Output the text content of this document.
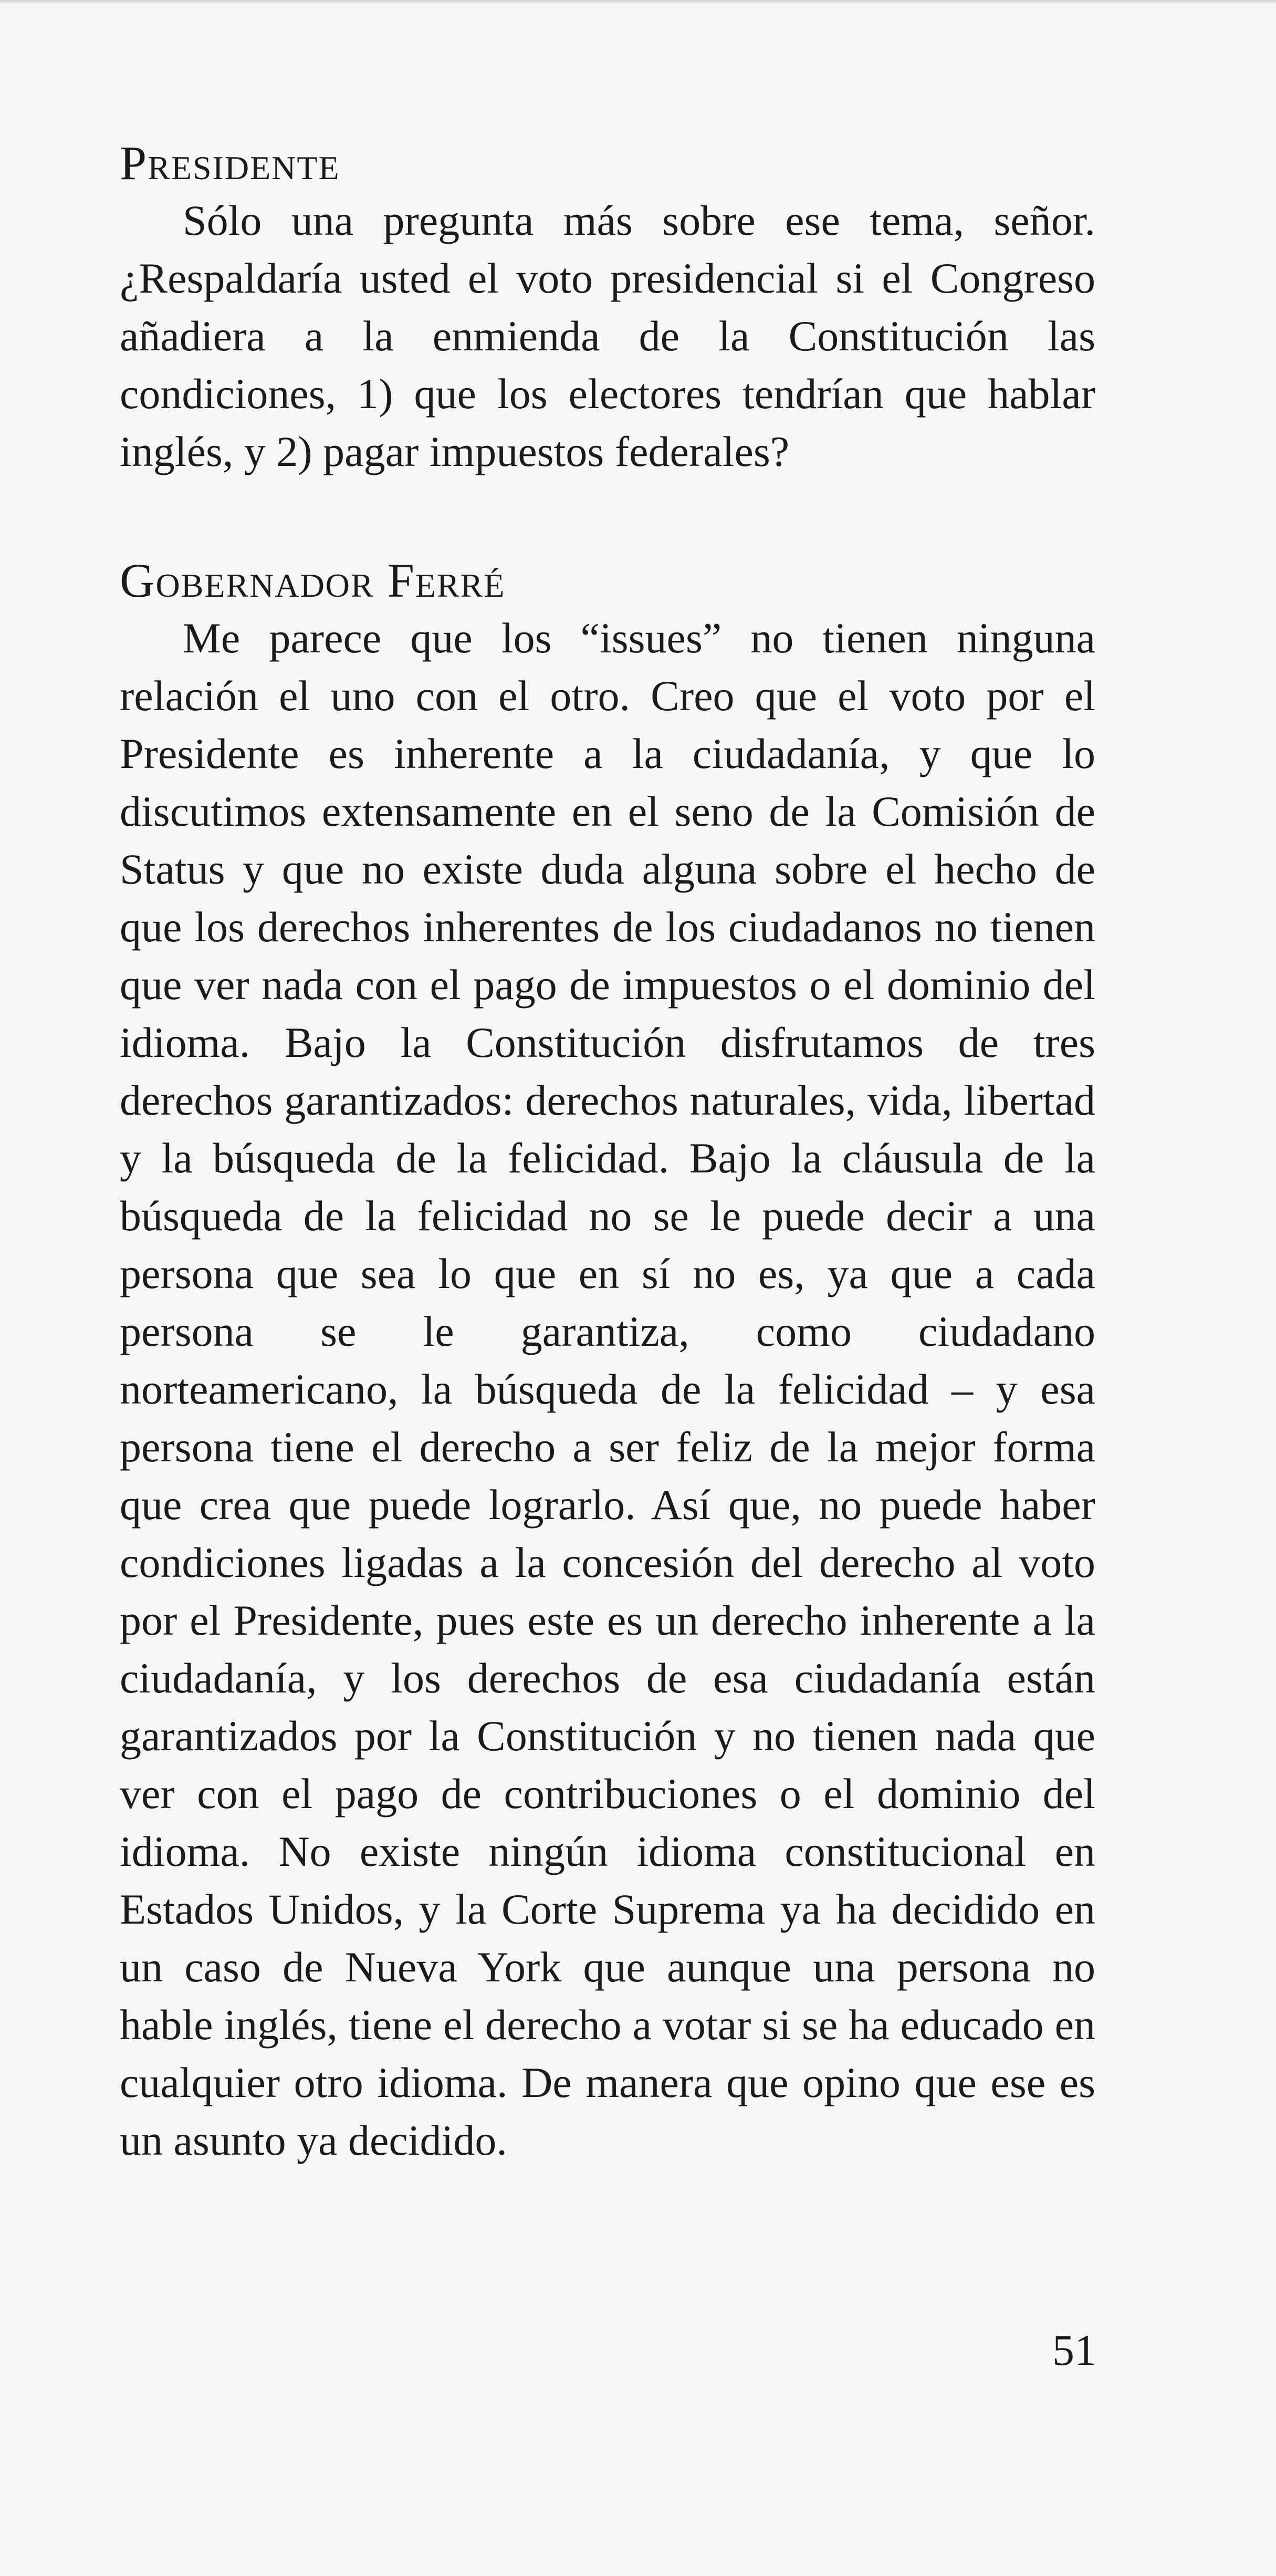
Presidente

Sólo una pregunta más sobre ese tema, señor. ¿Respaldaría usted el voto presidencial si el Congreso añadiera a la enmienda de la Constitución las condiciones, 1) que los electores tendrían que hablar inglés, y 2) pagar impuestos federales?

Gobernador Ferré

Me parece que los “issues” no tienen ninguna relación el uno con el otro. Creo que el voto por el Presidente es inherente a la ciudadanía, y que lo discutimos extensamente en el seno de la Comisión de Status y que no existe duda alguna sobre el hecho de que los derechos inherentes de los ciudadanos no tienen que ver nada con el pago de impuestos o el dominio del idioma. Bajo la Constitución disfrutamos de tres derechos garantizados: derechos naturales, vida, libertad y la búsqueda de la felicidad. Bajo la cláusula de la búsqueda de la felicidad no se le puede decir a una persona que sea lo que en sí no es, ya que a cada persona se le garantiza, como ciudadano norteamericano, la búsqueda de la felicidad – y esa persona tiene el derecho a ser feliz de la mejor forma que crea que puede lograrlo. Así que, no puede haber condiciones ligadas a la concesión del derecho al voto por el Presidente, pues este es un derecho inherente a la ciudadanía, y los derechos de esa ciudadanía están garantizados por la Constitución y no tienen nada que ver con el pago de contribuciones o el dominio del idioma. No existe ningún idioma constitucional en Estados Unidos, y la Corte Suprema ya ha decidido en un caso de Nueva York que aunque una persona no hable inglés, tiene el derecho a votar si se ha educado en cualquier otro idioma. De manera que opino que ese es un asunto ya decidido.

51
